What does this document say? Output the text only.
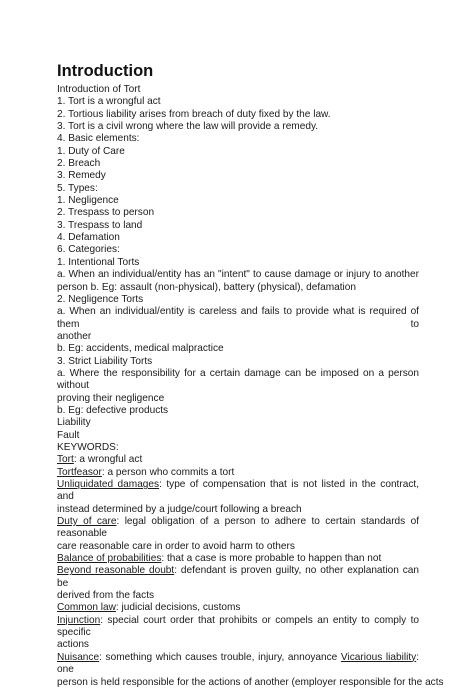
Introduction
Introduction of Tort
1. Tort is a wrongful act
2. Tortious liability arises from breach of duty fixed by the law.
3. Tort is a civil wrong where the law will provide a remedy.
4. Basic elements:
1. Duty of Care
2. Breach
3. Remedy
5. Types:
1. Negligence
2. Trespass to person
3. Trespass to land
4. Defamation
6. Categories:
1. Intentional Torts
a. When an individual/entity has an "intent" to cause damage or injury to another
person b. Eg: assault (non-physical), battery (physical), defamation
2. Negligence Torts
a. When an individual/entity is careless and fails to provide what is required of them to
another
b. Eg: accidents, medical malpractice
3. Strict Liability Torts
a. Where the responsibility for a certain damage can be imposed on a person without
proving their negligence
b. Eg: defective products
Liability
Fault
KEYWORDS:
Tort: a wrongful act
Tortfeasor: a person who commits a tort
Unliquidated damages: type of compensation that is not listed in the contract, and
instead determined by a judge/court following a breach
Duty of care: legal obligation of a person to adhere to certain standards of reasonable
care reasonable care in order to avoid harm to others
Balance of probabilities: that a case is more probable to happen than not
Beyond reasonable doubt: defendant is proven guilty, no other explanation can be
derived from the facts
Common law: judicial decisions, customs
Injunction: special court order that prohibits or compels an entity to comply to specific
actions
Nuisance: something which causes trouble, injury, annoyance Vicarious liability: one
person is held responsible for the actions of another (employer responsible for the acts
